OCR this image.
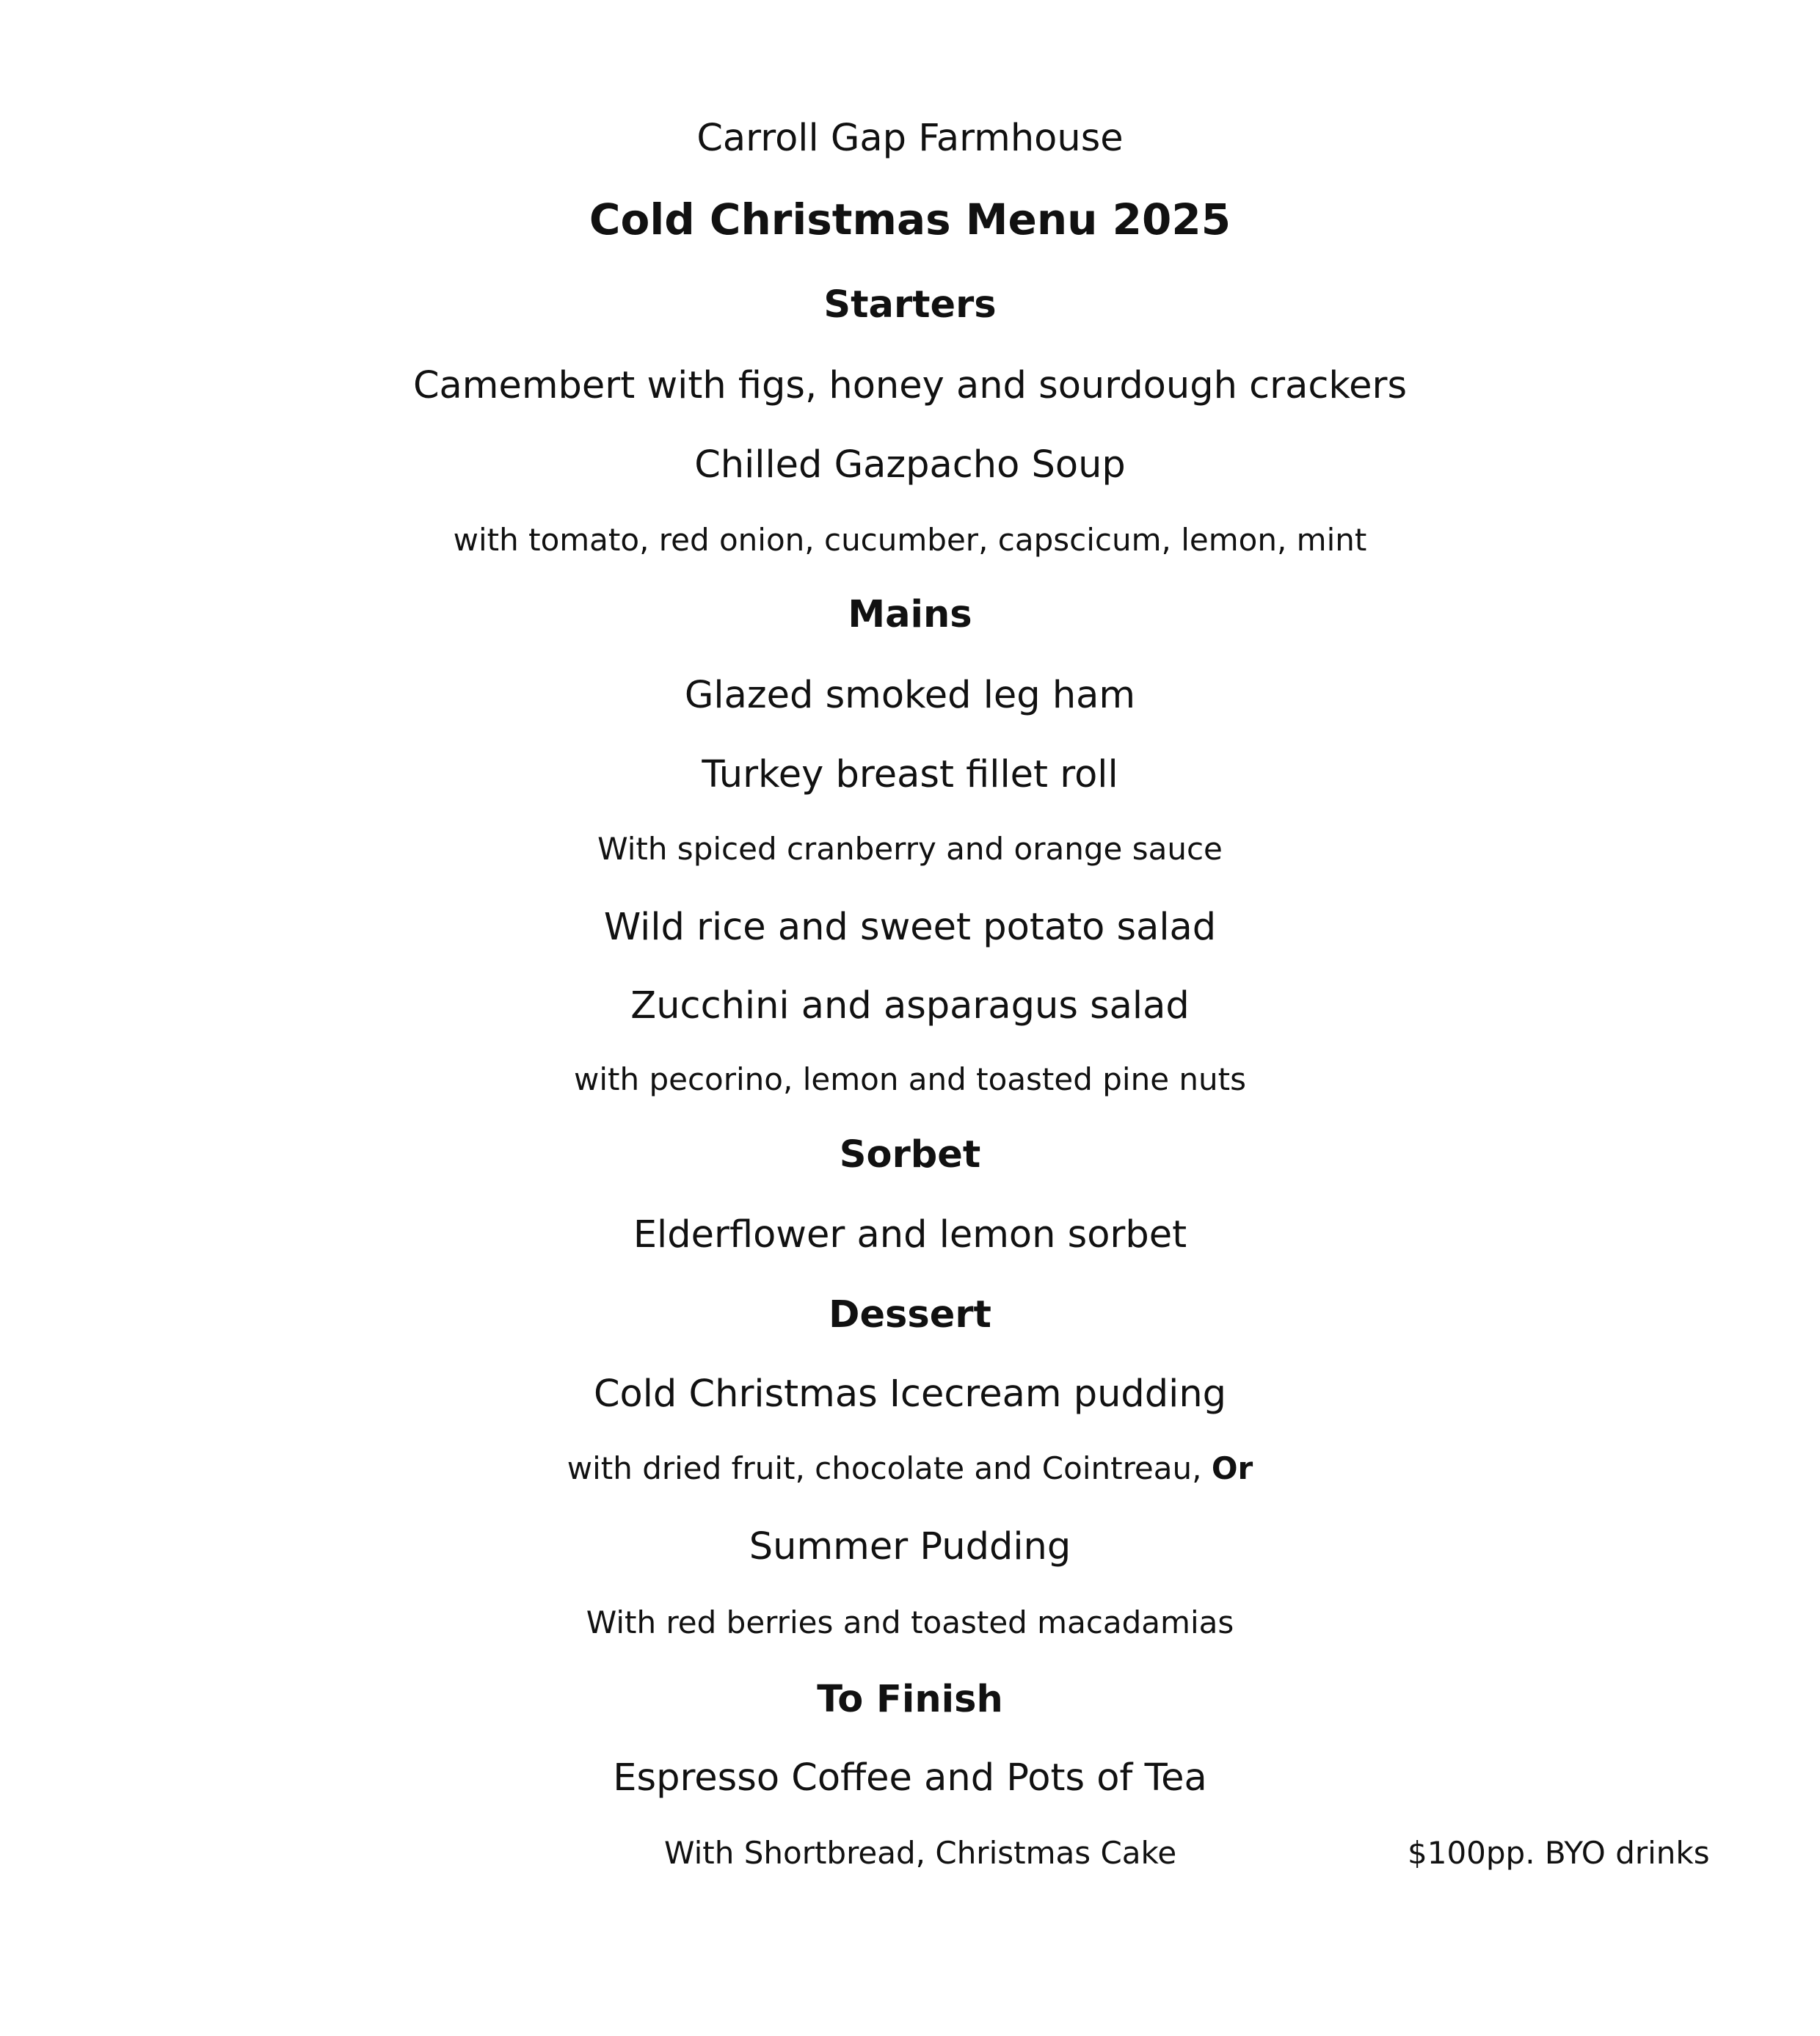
Carroll Gap Farmhouse
Cold Christmas Menu 2025
Starters
Camembert with figs, honey and sourdough crackers
Chilled Gazpacho Soup
with tomato, red onion, cucumber, capscicum, lemon, mint
Mains
Glazed smoked leg ham
Turkey breast fillet roll
With spiced cranberry and orange sauce
Wild rice and sweet potato salad
Zucchini and asparagus salad
with pecorino, lemon and toasted pine nuts
Sorbet
Elderflower and lemon sorbet
Dessert
Cold Christmas Icecream pudding
with dried fruit, chocolate and Cointreau, Or
Summer Pudding
With red berries and toasted macadamias
To Finish
Espresso Coffee and Pots of Tea
With Shortbread, Christmas Cake	$100pp. BYO drinks
